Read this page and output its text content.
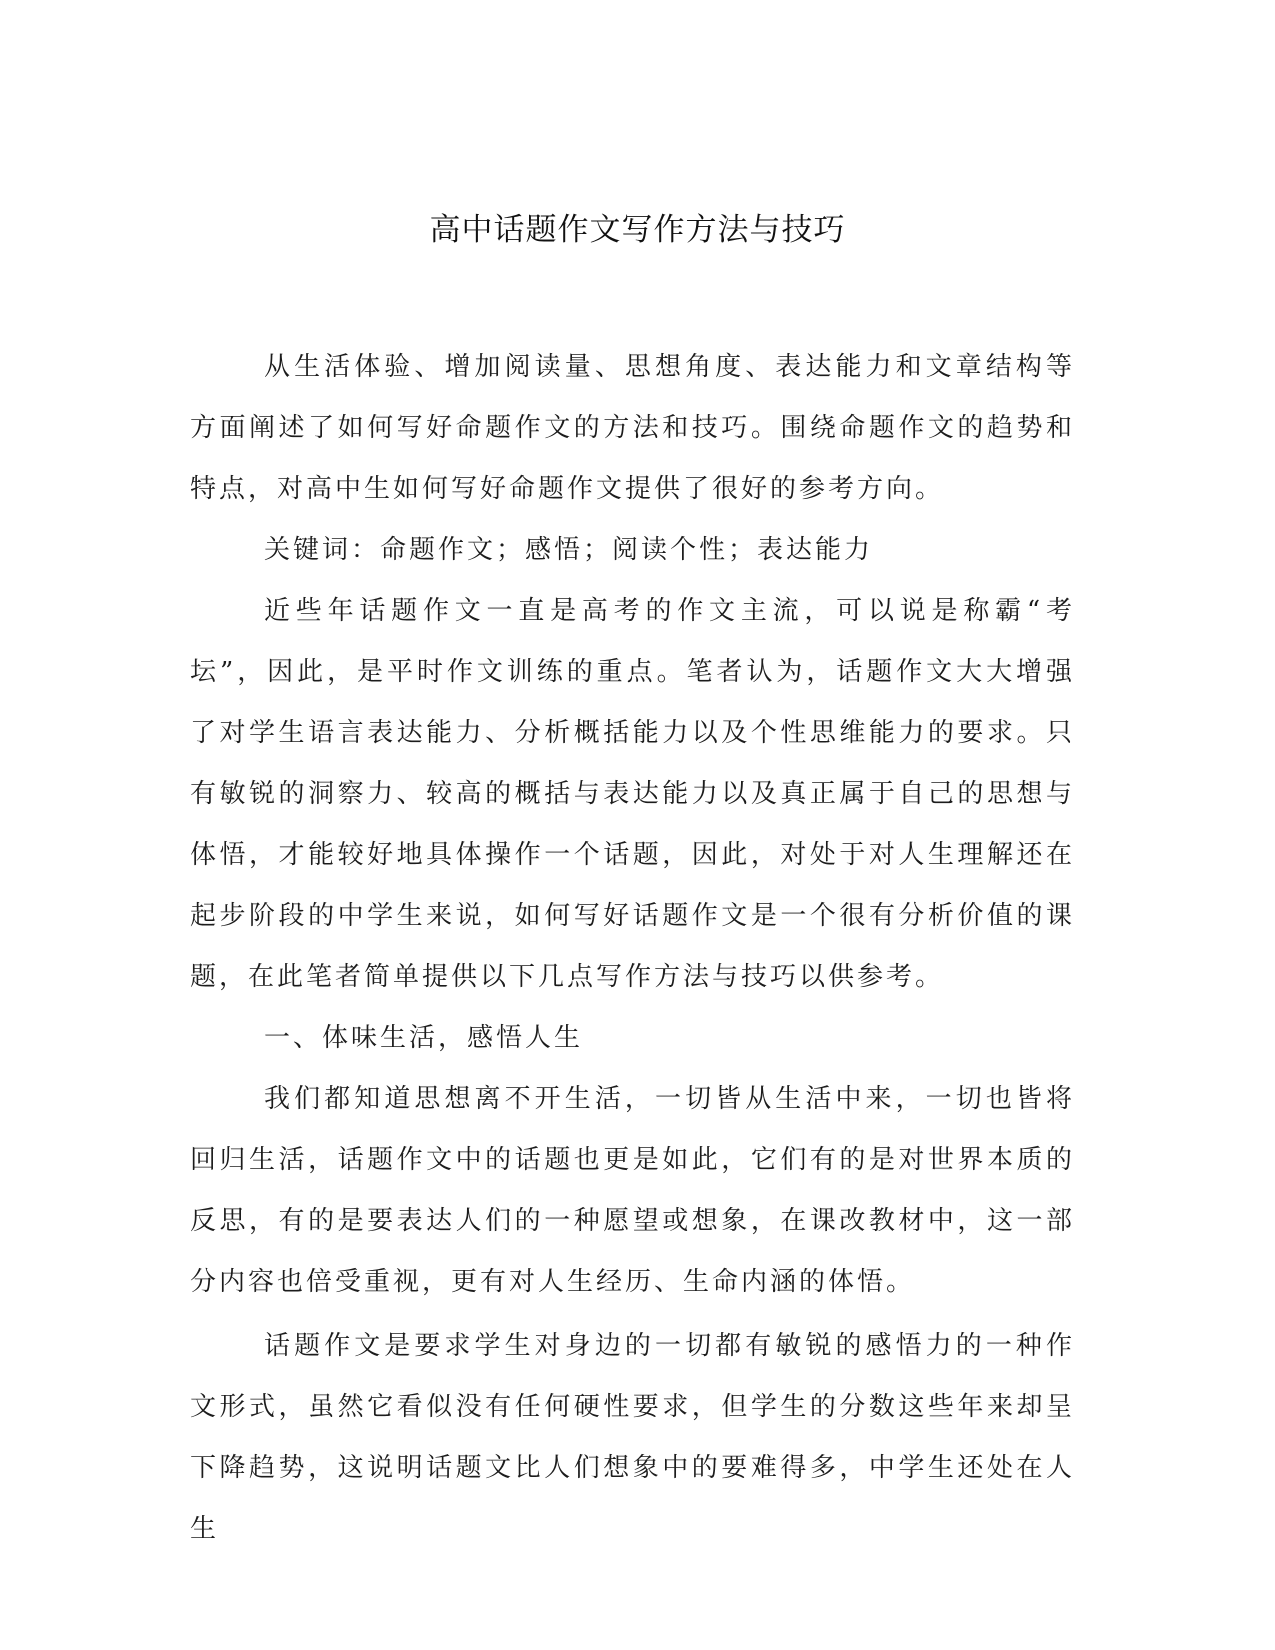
高中话题作文写作方法与技巧

从生活体验、增加阅读量、思想角度、表达能力和文章结构等方面阐述了如何写好命题作文的方法和技巧。围绕命题作文的趋势和特点，对高中生如何写好命题作文提供了很好的参考方向。

关键词：命题作文；感悟；阅读个性；表达能力

近些年话题作文一直是高考的作文主流，可以说是称霸“考坛”，因此，是平时作文训练的重点。笔者认为，话题作文大大增强了对学生语言表达能力、分析概括能力以及个性思维能力的要求。只有敏锐的洞察力、较高的概括与表达能力以及真正属于自己的思想与体悟，才能较好地具体操作一个话题，因此，对处于对人生理解还在起步阶段的中学生来说，如何写好话题作文是一个很有分析价值的课题，在此笔者简单提供以下几点写作方法与技巧以供参考。

一、体味生活，感悟人生

我们都知道思想离不开生活，一切皆从生活中来，一切也皆将回归生活，话题作文中的话题也更是如此，它们有的是对世界本质的反思，有的是要表达人们的一种愿望或想象，在课改教材中，这一部分内容也倍受重视，更有对人生经历、生命内涵的体悟。

话题作文是要求学生对身边的一切都有敏锐的感悟力的一种作文形式，虽然它看似没有任何硬性要求，但学生的分数这些年来却呈下降趋势，这说明话题文比人们想象中的要难得多，中学生还处在人生
